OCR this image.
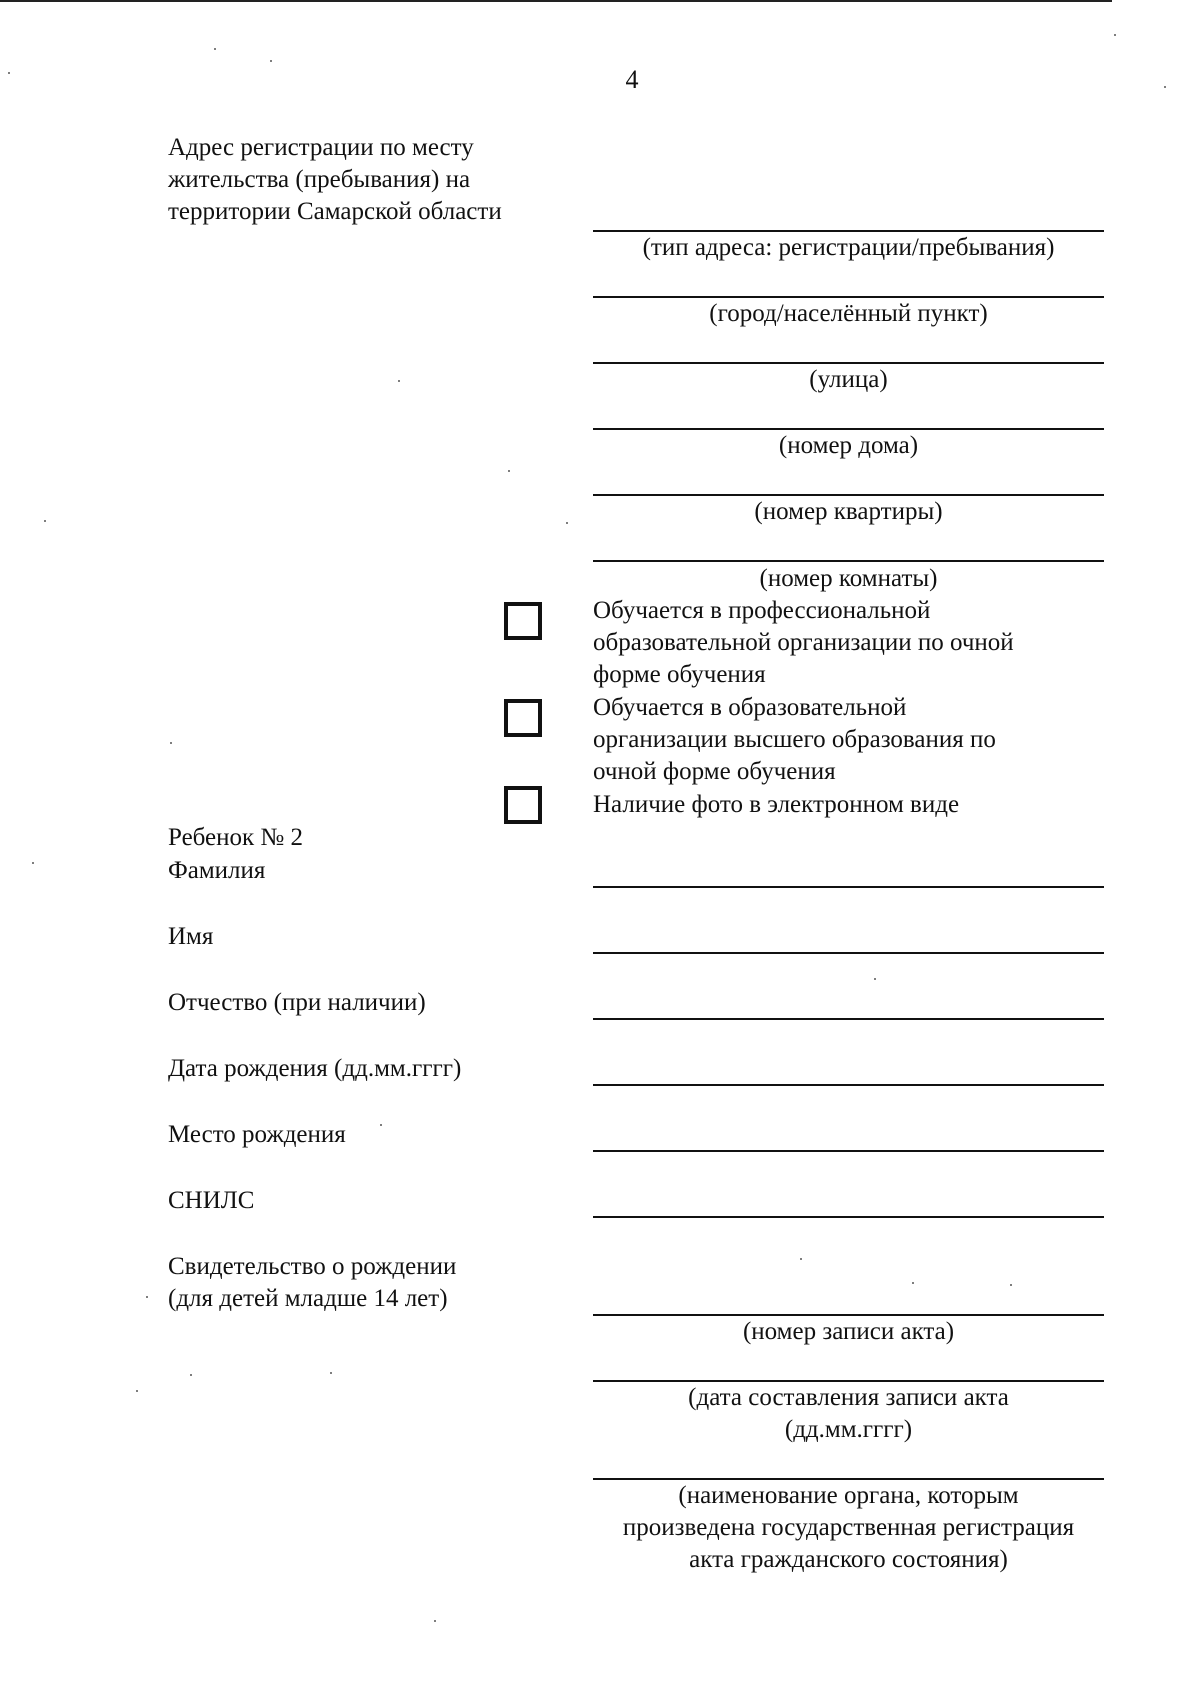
4
Адрес регистрации по месту
жительства (пребывания) на
территории Самарской области
(тип адреса: регистрации/пребывания)
(город/населённый пункт)
(улица)
(номер дома)
(номер квартиры)
(номер комнаты)
Обучается в профессиональной
образовательной организации по очной
форме обучения
Обучается в образовательной
организации высшего образования по
очной форме обучения
Наличие фото в электронном виде
Ребенок № 2
Фамилия
Имя
Отчество (при наличии)
Дата рождения (дд.мм.гггг)
Место рождения
СНИЛС
Свидетельство о рождении
(для детей младше 14 лет)
(номер записи акта)
(дата составления записи акта
(дд.мм.гггг)
(наименование органа, которым
произведена государственная регистрация
акта гражданского состояния)
